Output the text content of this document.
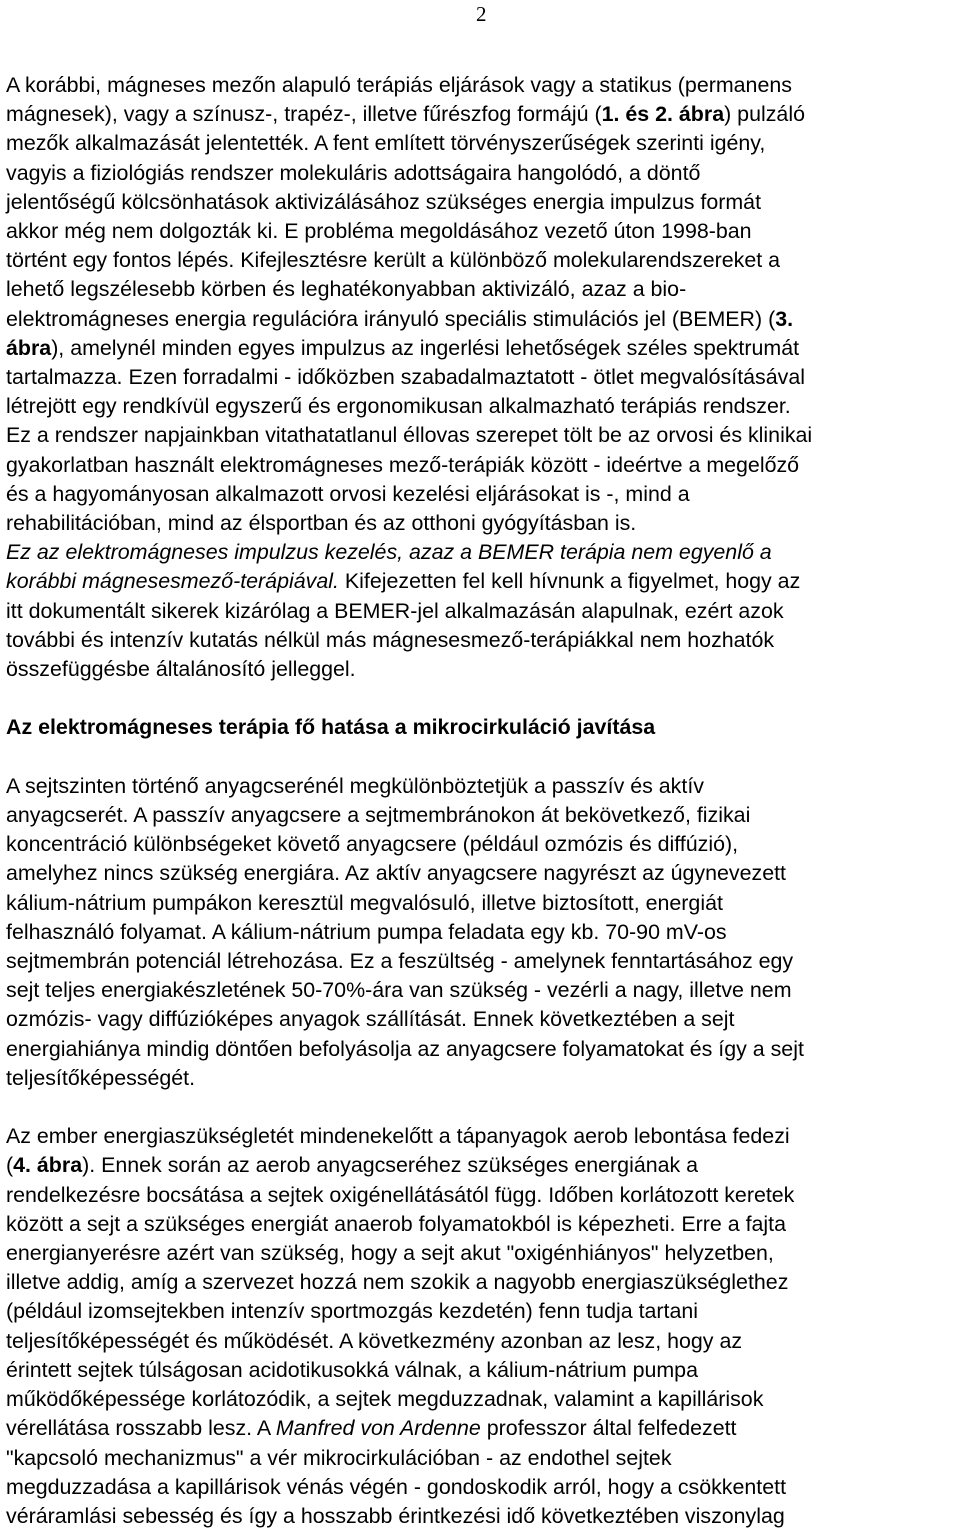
2
A korábbi, mágneses mezőn alapuló terápiás eljárások vagy a statikus (permanens
mágnesek), vagy a színusz-, trapéz-, illetve fűrészfog formájú (1. és 2. ábra) pulzáló
mezők alkalmazását jelentették. A fent említett törvényszerűségek szerinti igény,
vagyis a fiziológiás rendszer molekuláris adottságaira hangolódó, a döntő
jelentőségű kölcsönhatások aktivizálásához szükséges energia impulzus formát
akkor még nem dolgozták ki. E probléma megoldásához vezető úton 1998-ban
történt egy fontos lépés. Kifejlesztésre került a különböző molekularendszereket a
lehető legszélesebb körben és leghatékonyabban aktivizáló, azaz a bio-
elektromágneses energia regulációra irányuló speciális stimulációs jel (BEMER) (3.
ábra), amelynél minden egyes impulzus az ingerlési lehetőségek széles spektrumát
tartalmazza. Ezen forradalmi - időközben szabadalmaztatott - ötlet megvalósításával
létrejött egy rendkívül egyszerű és ergonomikusan alkalmazható terápiás rendszer.
Ez a rendszer napjainkban vitathatatlanul éllovas szerepet tölt be az orvosi és klinikai
gyakorlatban használt elektromágneses mező-terápiák között - ideértve a megelőző
és a hagyományosan alkalmazott orvosi kezelési eljárásokat is -, mind a
rehabilitációban, mind az élsportban és az otthoni gyógyításban is.
Ez az elektromágneses impulzus kezelés, azaz a BEMER terápia nem egyenlő a
korábbi mágnesesmező-terápiával. Kifejezetten fel kell hívnunk a figyelmet, hogy az
itt dokumentált sikerek kizárólag a BEMER-jel alkalmazásán alapulnak, ezért azok
további és intenzív kutatás nélkül más mágnesesmező-terápiákkal nem hozhatók
összefüggésbe általánosító jelleggel.
Az elektromágneses terápia fő hatása a mikrocirkuláció javítása
A sejtszinten történő anyagcserénél megkülönböztetjük a passzív és aktív
anyagcserét. A passzív anyagcsere a sejtmembránokon át bekövetkező, fizikai
koncentráció különbségeket követő anyagcsere (például ozmózis és diffúzió),
amelyhez nincs szükség energiára. Az aktív anyagcsere nagyrészt az úgynevezett
kálium-nátrium pumpákon keresztül megvalósuló, illetve biztosított, energiát
felhasználó folyamat. A kálium-nátrium pumpa feladata egy kb. 70-90 mV-os
sejtmembrán potenciál létrehozása. Ez a feszültség - amelynek fenntartásához egy
sejt teljes energiakészletének 50-70%-ára van szükség - vezérli a nagy, illetve nem
ozmózis- vagy diffúzióképes anyagok szállítását. Ennek következtében a sejt
energiahiánya mindig döntően befolyásolja az anyagcsere folyamatokat és így a sejt
teljesítőképességét.
Az ember energiaszükségletét mindenekelőtt a tápanyagok aerob lebontása fedezi
(4. ábra). Ennek során az aerob anyagcseréhez szükséges energiának a
rendelkezésre bocsátása a sejtek oxigénellátásától függ. Időben korlátozott keretek
között a sejt a szükséges energiát anaerob folyamatokból is képezheti. Erre a fajta
energianyerésre azért van szükség, hogy a sejt akut "oxigénhiányos" helyzetben,
illetve addig, amíg a szervezet hozzá nem szokik a nagyobb energiaszükséglethez
(például izomsejtekben intenzív sportmozgás kezdetén) fenn tudja tartani
teljesítőképességét és működését. A következmény azonban az lesz, hogy az
érintett sejtek túlságosan acidotikusokká válnak, a kálium-nátrium pumpa
működőképessége korlátozódik, a sejtek megduzzadnak, valamint a kapillárisok
vérellátása rosszabb lesz. A Manfred von Ardenne professzor által felfedezett
"kapcsoló mechanizmus" a vér mikrocirkulációban - az endothel sejtek
megduzzadása a kapillárisok vénás végén - gondoskodik arról, hogy a csökkentett
véráramlási sebesség és így a hosszabb érintkezési idő következtében viszonylag
